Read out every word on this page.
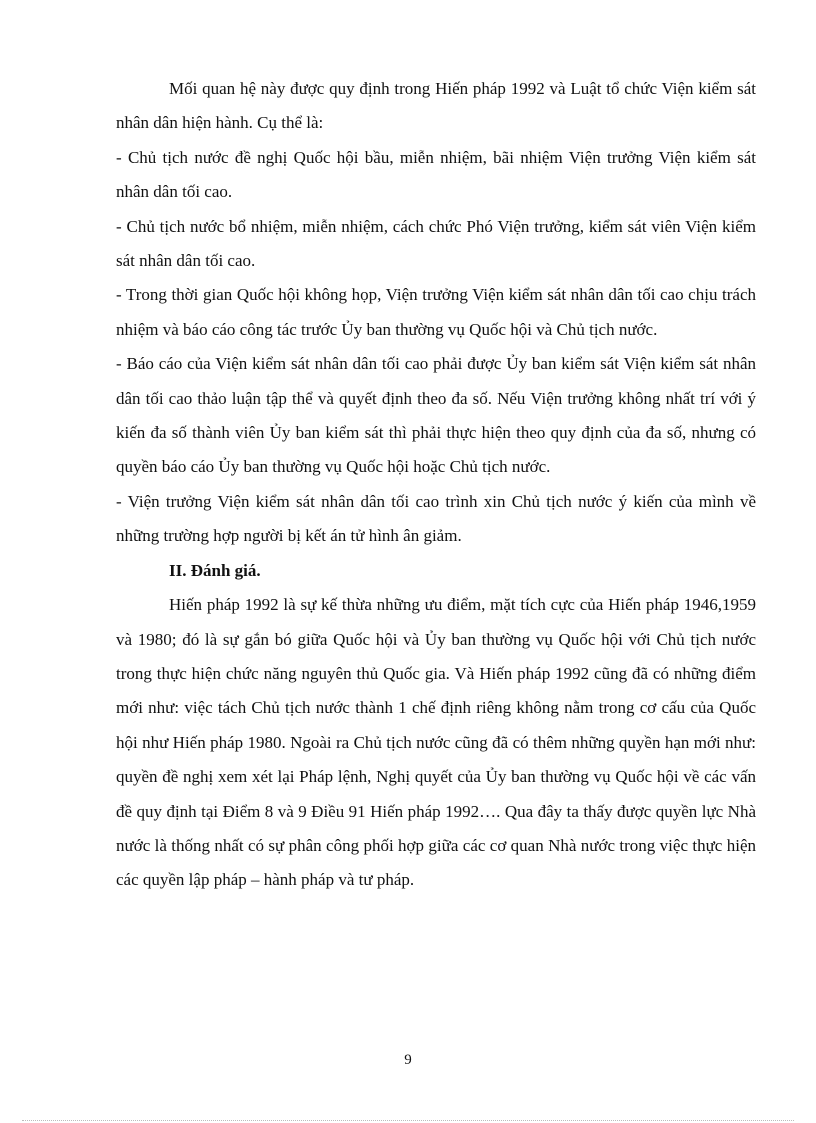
Mối quan hệ này được quy định trong Hiến pháp 1992 và Luật tổ chức Viện kiểm sát nhân dân hiện hành. Cụ thể là:

- Chủ tịch nước đề nghị Quốc hội bầu, miễn nhiệm, bãi nhiệm Viện trưởng Viện kiểm sát nhân dân tối cao.

- Chủ tịch nước bổ nhiệm, miễn nhiệm, cách chức Phó Viện trưởng, kiểm sát viên Viện kiểm sát nhân dân tối cao.

- Trong thời gian Quốc hội không họp, Viện trưởng Viện kiểm sát nhân dân tối cao chịu trách nhiệm và báo cáo công tác trước Ủy ban thường vụ Quốc hội và Chủ tịch nước.

- Báo cáo của Viện kiểm sát nhân dân tối cao phải được Ủy ban kiểm sát Viện kiểm sát nhân dân tối cao thảo luận tập thể và quyết định theo đa số. Nếu Viện trưởng không nhất trí với ý kiến đa số thành viên Ủy ban kiểm sát thì phải thực hiện theo quy định của đa số, nhưng có quyền báo cáo Ủy ban thường vụ Quốc hội hoặc Chủ tịch nước.

- Viện trưởng Viện kiểm sát nhân dân tối cao trình xin Chủ tịch nước ý kiến của mình về những trường hợp người bị kết án tử hình ân giảm.

II. Đánh giá.

Hiến pháp 1992 là sự kế thừa những ưu điểm, mặt tích cực của Hiến pháp 1946,1959 và 1980; đó là sự gắn bó giữa Quốc hội và Ủy ban thường vụ Quốc hội với Chủ tịch nước trong thực hiện chức năng nguyên thủ Quốc gia. Và Hiến pháp 1992 cũng đã có những điểm mới như: việc tách Chủ tịch nước thành 1 chế định riêng không nằm trong cơ cấu của Quốc hội như Hiến pháp 1980. Ngoài ra Chủ tịch nước cũng đã có thêm những quyền hạn mới như: quyền đề nghị xem xét lại Pháp lệnh, Nghị quyết của Ủy ban thường vụ Quốc hội về các vấn đề quy định tại Điểm 8 và 9 Điều 91 Hiến pháp 1992…. Qua đây ta thấy được quyền lực Nhà nước là thống nhất có sự phân công phối hợp giữa các cơ quan Nhà nước trong việc thực hiện các quyền lập pháp – hành pháp và tư pháp.

9
